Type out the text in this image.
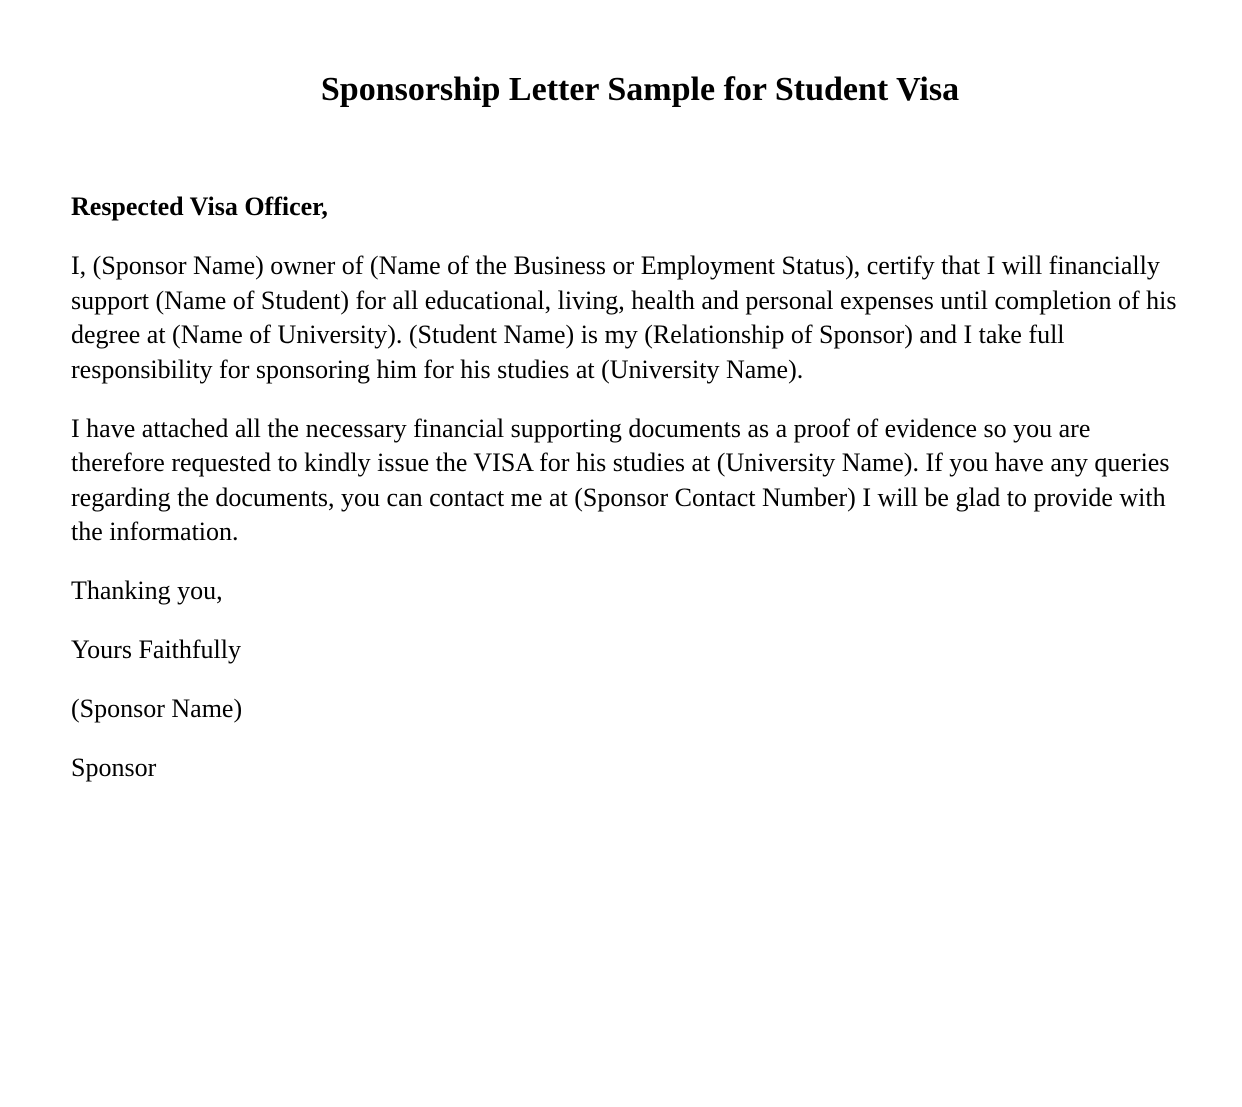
Sponsorship Letter Sample for Student Visa

Respected Visa Officer,

I, (Sponsor Name) owner of (Name of the Business or Employment Status), certify that I will financially support (Name of Student) for all educational, living, health and personal expenses until completion of his degree at (Name of University). (Student Name) is my (Relationship of Sponsor) and I take full responsibility for sponsoring him for his studies at (University Name).

I have attached all the necessary financial supporting documents as a proof of evidence so you are therefore requested to kindly issue the VISA for his studies at (University Name). If you have any queries regarding the documents, you can contact me at (Sponsor Contact Number) I will be glad to provide with the information.

Thanking you,

Yours Faithfully

(Sponsor Name)

Sponsor
